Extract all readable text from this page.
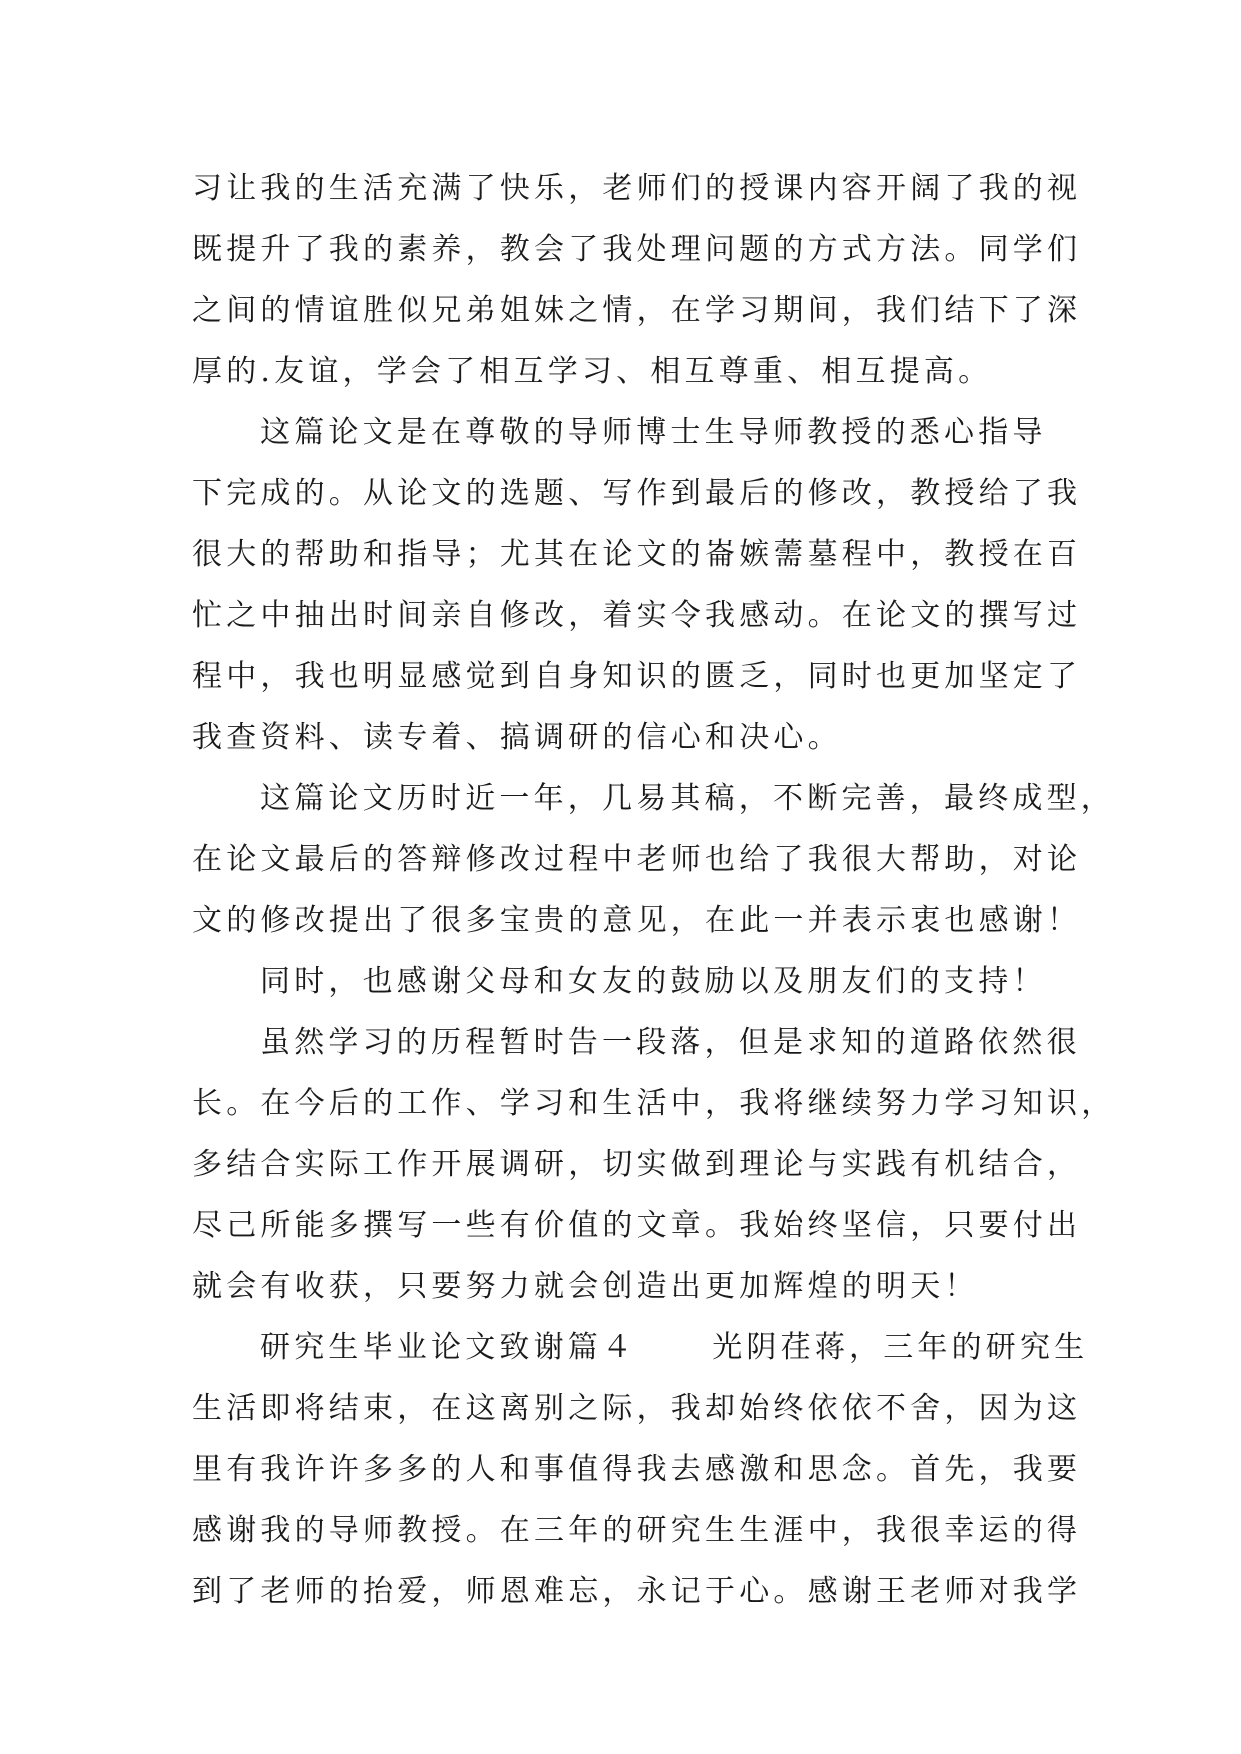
习让我的生活充满了快乐，老师们的授课内容开阔了我的视
既提升了我的素养，教会了我处理问题的方式方法。同学们
之间的情谊胜似兄弟姐妹之情，在学习期间，我们结下了深
厚的.友谊，学会了相互学习、相互尊重、相互提高。
这篇论文是在尊敬的导师博士生导师教授的悉心指导
下完成的。从论文的选题、写作到最后的修改，教授给了我
很大的帮助和指导；尤其在论文的崙嫉薷墓程中，教授在百
忙之中抽出时间亲自修改，着实令我感动。在论文的撰写过
程中，我也明显感觉到自身知识的匮乏，同时也更加坚定了
我查资料、读专着、搞调研的信心和决心。
这篇论文历时近一年，几易其稿，不断完善，最终成型，
在论文最后的答辩修改过程中老师也给了我很大帮助，对论
文的修改提出了很多宝贵的意见，在此一并表示衷也感谢！
同时，也感谢父母和女友的鼓励以及朋友们的支持！
虽然学习的历程暂时告一段落，但是求知的道路依然很
长。在今后的工作、学习和生活中，我将继续努力学习知识，
多结合实际工作开展调研，切实做到理论与实践有机结合，
尽己所能多撰写一些有价值的文章。我始终坚信，只要付出
就会有收获，只要努力就会创造出更加辉煌的明天！
研究生毕业论文致谢篇４	光阴荏蒋，三年的研究生
生活即将结束，在这离别之际，我却始终依依不舍，因为这
里有我许许多多的人和事值得我去感激和思念。首先，我要
感谢我的导师教授。在三年的研究生生涯中，我很幸运的得
到了老师的抬爱，师恩难忘，永记于心。感谢王老师对我学
